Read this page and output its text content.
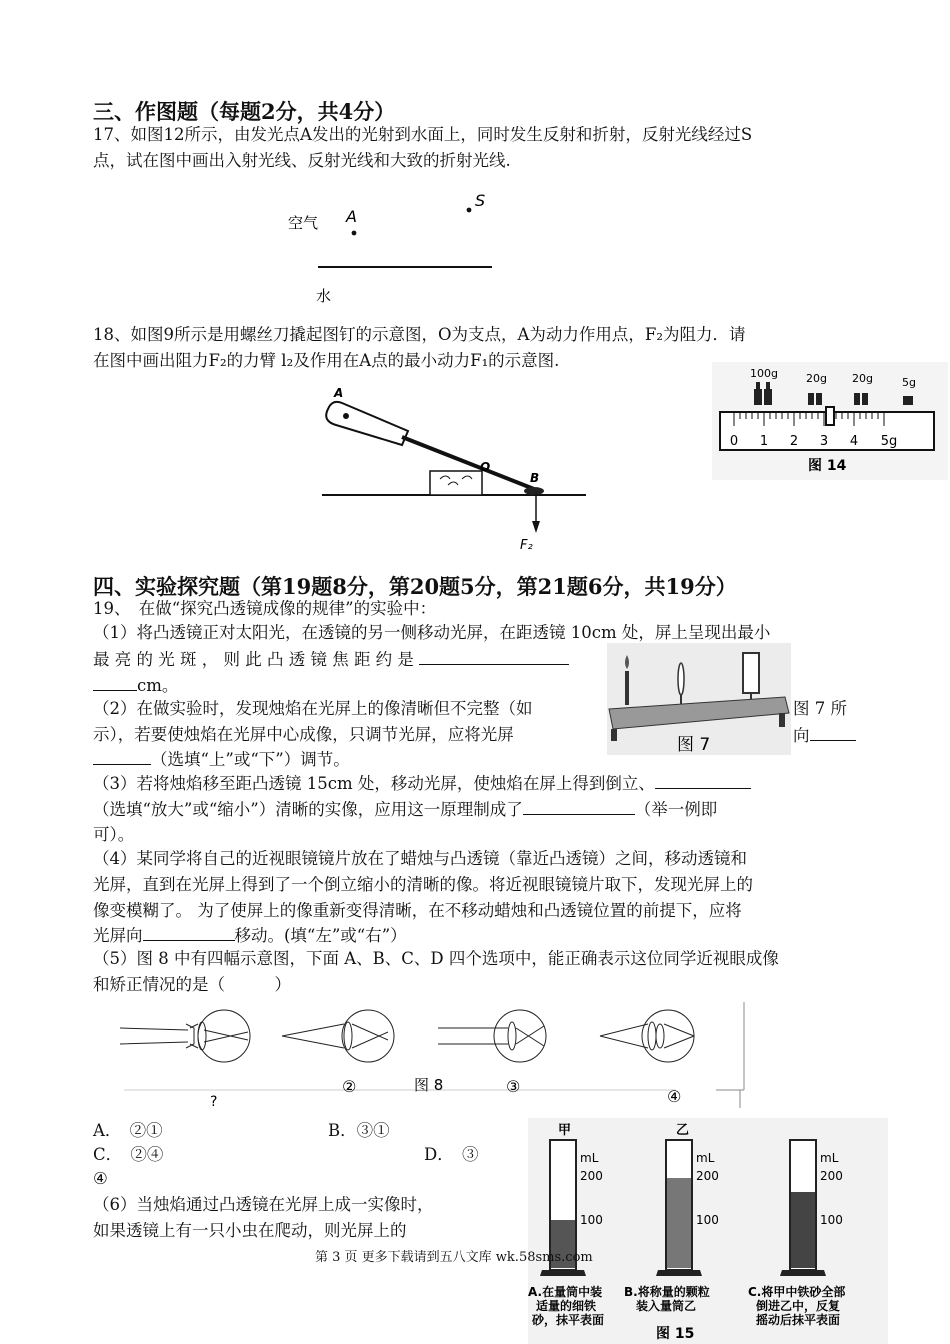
三、作图题（每题2分，共4分）
17、如图12所示，由发光点A发出的光射到水面上，同时发生反射和折射，反射光线经过S
点，试在图中画出入射光线、反射光线和大致的折射光线.
空气 A
S
水
18、如图9所示是用螺丝刀撬起图钉的示意图，O为支点，A为动力作用点，F₂为阻力．请
在图中画出阻力F₂的力臂 l₂及作用在A点的最小动力F₁的示意图.
100g	20g 20g	5g
0 1 2 3 4 5g
图 14
A
O
B
F₂
四、实验探究题（第19题8分，第20题5分，第21题6分，共19分）
19、　在做“探究凸透镜成像的规律”的实验中：
（1）将凸透镜正对太阳光，在透镜的另一侧移动光屏，在距透镜 10cm 处，屏上呈现出最小
最 亮 的 光 斑 ， 则 此 凸 透 镜 焦 距 约 是
cm。
（2）在做实验时，发现烛焰在光屏上的像清晰但不完整（如	图 7 所
示），若要使烛焰在光屏中心成像，只调节光屏，应将光屏	向
（选填“上”或“下”）调节。
图 7
（3）若将烛焰移至距凸透镜 15cm 处，移动光屏，使烛焰在屏上得到倒立、
（选填“放大”或“缩小”）清晰的实像，应用这一原理制成了	（举一例即
可）。
（4）某同学将自己的近视眼镜镜片放在了蜡烛与凸透镜（靠近凸透镜）之间，移动透镜和
光屏，直到在光屏上得到了一个倒立缩小的清晰的像。将近视眼镜镜片取下，发现光屏上的
像变模糊了。 为了使屏上的像重新变得清晰，在不移动蜡烛和凸透镜位置的前提下，应将
光屏向	移动。(填“左”或“右”）
（5）图 8 中有四幅示意图，下面 A、B、C、D 四个选项中，能正确表示这位同学近视眼成像
和矫正情况的是（　　　）
?
②	图 8	③
④
A．　②①	B．③①
C．　②④	D．　③
④
（6）当烛焰通过凸透镜在光屏上成一实像时，
如果透镜上有一只小虫在爬动，则光屏上的
甲
mL
200
100
A.在量筒中装
适量的细铁
砂，抹平表面
乙
mL
200
100
B.将称量的颗粒
装入量筒乙
mL
200
100
C.将甲中铁砂全部
倒进乙中，反复
摇动后抹平表面
图 15
第 3 页 更多下载请到五八文库 wk.58sms.com
